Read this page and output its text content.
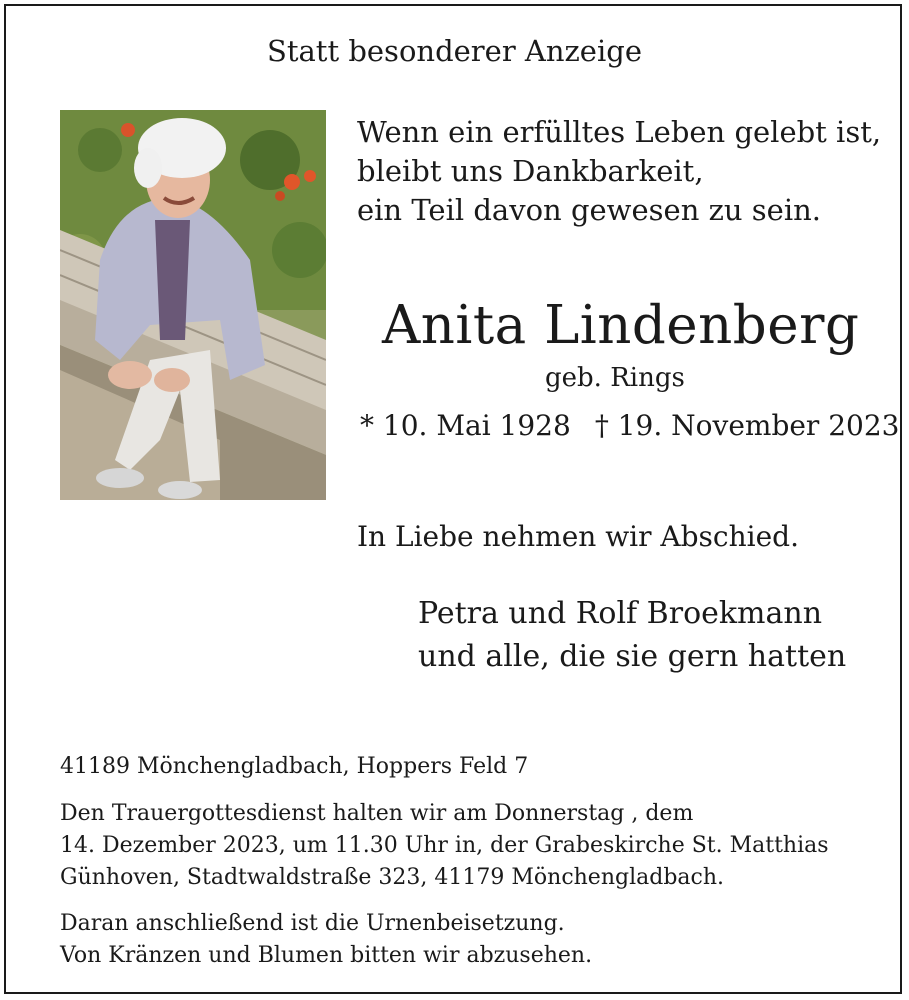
Statt besonderer Anzeige
Wenn ein erfülltes Leben gelebt ist,
bleibt uns Dankbarkeit,
ein Teil davon gewesen zu sein.
Anita Lindenberg
geb. Rings
* 10. Mai 1928 † 19. November 2023
In Liebe nehmen wir Abschied.
Petra und Rolf Broekmann
und alle, die sie gern hatten
41189 Mönchengladbach, Hoppers Feld 7
Den Trauergottesdienst halten wir am Donnerstag , dem
14. Dezember 2023, um 11.30 Uhr in, der Grabeskirche St. Matthias
Günhoven, Stadtwaldstraße 323, 41179 Mönchengladbach.
Daran anschließend ist die Urnenbeisetzung.
Von Kränzen und Blumen bitten wir abzusehen.
